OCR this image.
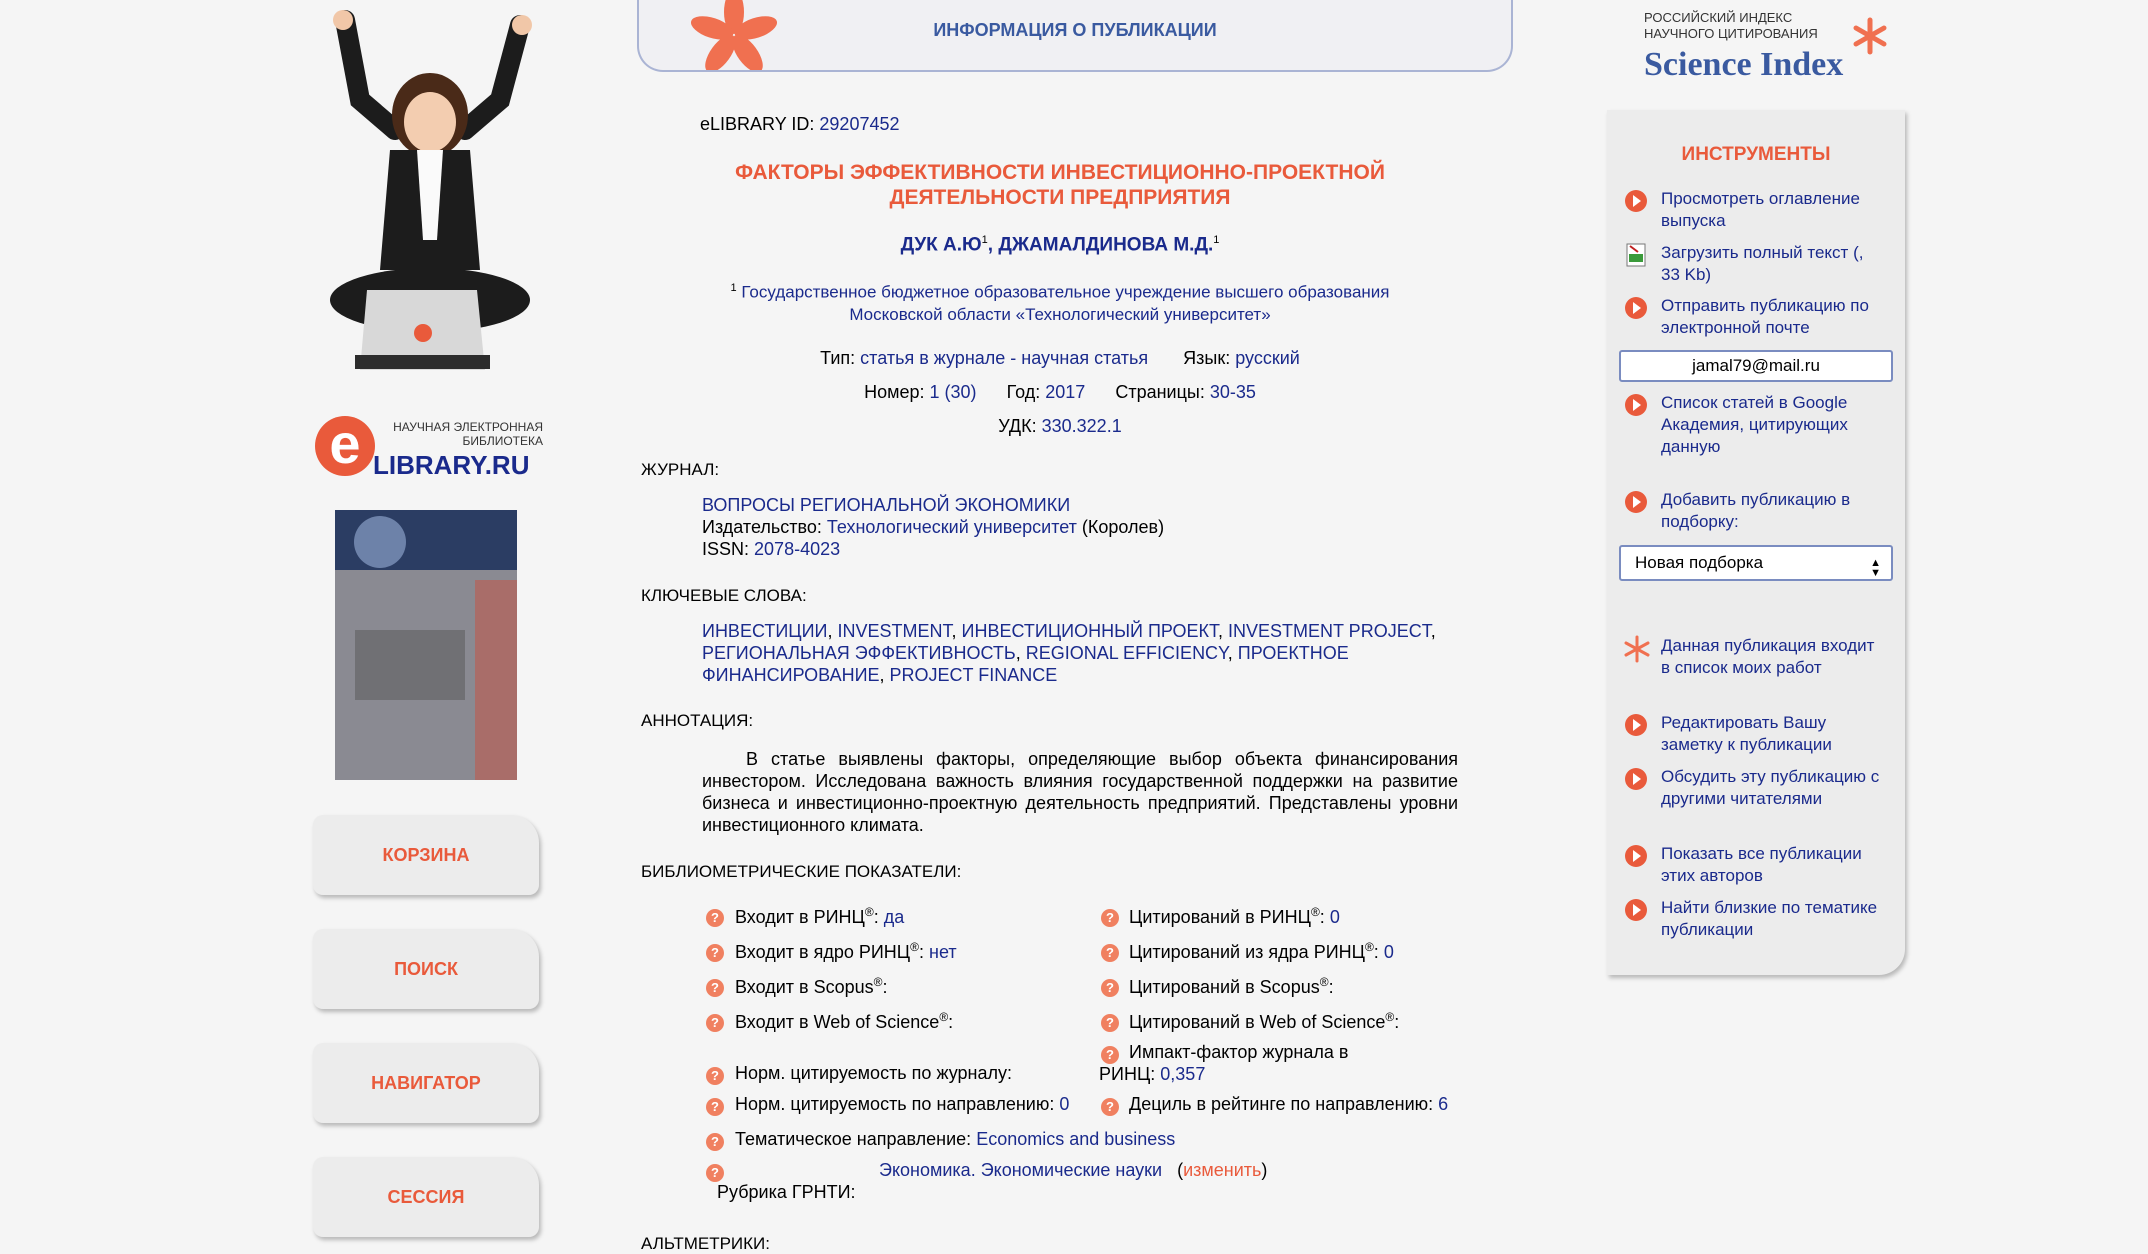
e	НАУЧНАЯ ЭЛЕКТРОННАЯ
БИБЛИОТЕКА
LIBRARY.RU
КОРЗИНА
ПОИСК
НАВИГАТОР
СЕССИЯ
ИНФОРМАЦИЯ О ПУБЛИКАЦИИ
eLIBRARY ID: 29207452
ФАКТОРЫ ЭФФЕКТИВНОСТИ ИНВЕСТИЦИОННО-ПРОЕКТНОЙ
ДЕЯТЕЛЬНОСТИ ПРЕДПРИЯТИЯ
ДУК $А.Ю^1$, ДЖАМАЛДИНОВА М.Д.$^1$
$^1$ Государственное бюджетное образовательное учреждение высшего образования
Московской области «Технологический университет»
Тип: статья в журнале - научная статья Язык: русский
Номер: 1 (30) Год: 2017 Страницы: 30-35
УДК: 330.322.1
ЖУРНАЛ:
ВОПРОСЫ РЕГИОНАЛЬНОЙ ЭКОНОМИКИ
Издательство: Технологический университет (Королев)
ISSN: 2078-4023
КЛЮЧЕВЫЕ СЛОВА:
ИНВЕСТИЦИИ, INVESTMENT, ИНВЕСТИЦИОННЫЙ ПРОЕКТ, INVESTMENT PROJECT,
РЕГИОНАЛЬНАЯ ЭФФЕКТИВНОСТЬ, REGIONAL EFFICIENCY, ПРОЕКТНОЕ
ФИНАНСИРОВАНИЕ, PROJECT FINANCE
АННОТАЦИЯ:
В статье выявлены факторы, определяющие выбор объекта финансирования
инвестором. Исследована важность влияния государственной поддержки на развитие
бизнеса и инвестиционно-проектную деятельность предприятий. Представлены уровни
инвестиционного климата.
БИБЛИОМЕТРИЧЕСКИЕ ПОКАЗАТЕЛИ:
? Входит в РИНЦ®: да
? Входит в ядро РИНЦ®: нет
? Входит в Scopus®:
? Входит в Web of Science®:
? Норм. цитируемость по журналу:
? Норм. цитируемость по направлению: 0
? Тематическое направление: Economics and business
?
Рубрика ГРНТИ:
Экономика. Экономические науки   (изменить)
? Цитирований в РИНЦ®: 0
? Цитирований из ядра РИНЦ®: 0
? Цитирований в Scopus®:
? Цитирований в Web of Science®:
? Импакт-фактор журнала в
РИНЦ: 0,357
? Дециль в рейтинге по направлению: 6
АЛЬТМЕТРИКИ:
РОССИЙСКИЙ ИНДЕКС
НАУЧНОГО ЦИТИРОВАНИЯ
Science Index
ИНСТРУМЕНТЫ
Просмотреть оглавление
выпуска
Загрузить полный текст (,
33 Kb)
Отправить публикацию по
электронной почте
jamal79@mail.ru
Список статей в Google
Академия, цитирующих
данную
Добавить публикацию в
подборку:
Новая подборка	▲

▼
Данная публикация входит
в список моих работ
Редактировать Вашу
заметку к публикации
Обсудить эту публикацию с
другими читателями
Показать все публикации
этих авторов
Найти близкие по тематике
публикации
